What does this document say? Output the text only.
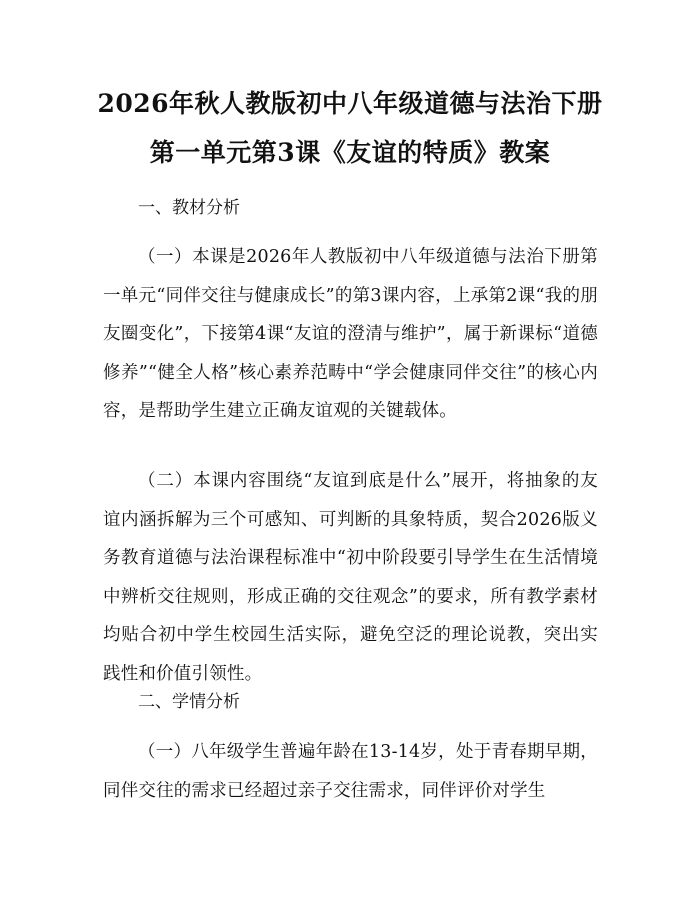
2026年秋人教版初中八年级道德与法治下册
第一单元第3课《友谊的特质》教案
一、教材分析
（一）本课是2026年人教版初中八年级道德与法治下册第一单元“同伴交往与健康成长”的第3课内容，上承第2课“我的朋友圈变化”，下接第4课“友谊的澄清与维护”，属于新课标“道德修养”“健全人格”核心素养范畴中“学会健康同伴交往”的核心内容，是帮助学生建立正确友谊观的关键载体。
（二）本课内容围绕“友谊到底是什么”展开，将抽象的友谊内涵拆解为三个可感知、可判断的具象特质，契合2026版义务教育道德与法治课程标准中“初中阶段要引导学生在生活情境中辨析交往规则，形成正确的交往观念”的要求，所有教学素材均贴合初中学生校园生活实际，避免空泛的理论说教，突出实践性和价值引领性。
二、学情分析
（一）八年级学生普遍年龄在13-14岁，处于青春期早期，同伴交往的需求已经超过亲子交往需求，同伴评价对学生
